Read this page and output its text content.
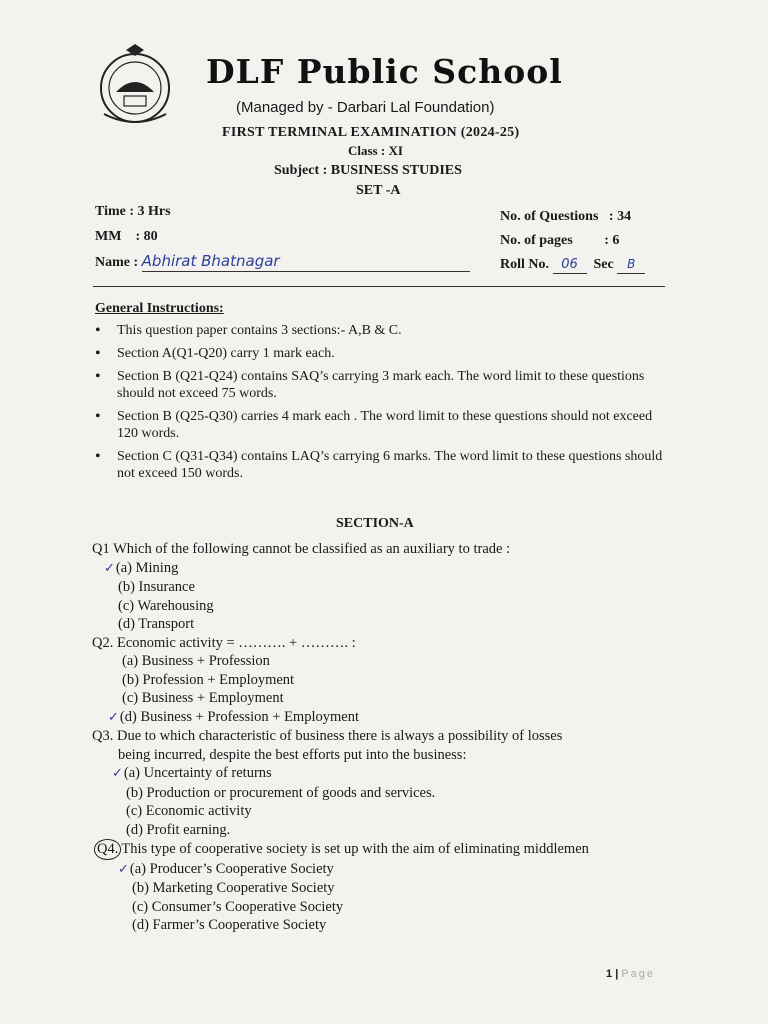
DLF Public School
(Managed by - Darbari Lal Foundation)
FIRST TERMINAL EXAMINATION (2024-25)
Class : XI
Subject : BUSINESS STUDIES
SET -A
Time : 3 Hrs
MM : 80
Name : Abhirat Bhatnagar
No. of Questions : 34
No. of pages : 6
Roll No. 06 Sec B
General Instructions:
• This question paper contains 3 sections:- A,B & C.
• Section A(Q1-Q20) carry 1 mark each.
• Section B (Q21-Q24) contains SAQ’s carrying 3 mark each. The word limit to these questions should not exceed 75 words.
• Section B (Q25-Q30) carries 4 mark each . The word limit to these questions should not exceed 120 words.
• Section C (Q31-Q34) contains LAQ’s carrying 6 marks. The word limit to these questions should not exceed 150 words.
SECTION-A

Q1 Which of the following cannot be classified as an auxiliary to trade :

✓(a) Mining

(b) Insurance

(c) Warehousing

(d) Transport

Q2. Economic activity = ………. + ………. :

(a) Business + Profession

(b) Profession + Employment

(c) Business + Employment

✓(d) Business + Profession + Employment

Q3. Due to which characteristic of business there is always a possibility of losses

being incurred, despite the best efforts put into the business:

✓(a) Uncertainty of returns

(b) Production or procurement of goods and services.

(c) Economic activity

(d) Profit earning.

Q4. This type of cooperative society is set up with the aim of eliminating middlemen

✓(a) Producer’s Cooperative Society

(b) Marketing Cooperative Society

(c) Consumer’s Cooperative Society

(d) Farmer’s Cooperative Society

1 | Page
